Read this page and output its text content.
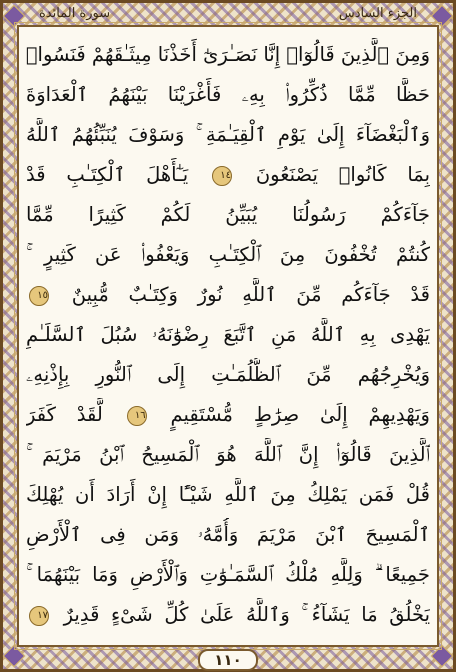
الجزء السادس
سورة المائدة
وَمِنَ ٱلَّذِينَ قَالُوٓا۟ إِنَّا نَصَـٰرَىٰٓ أَخَذْنَا مِيثَـٰقَهُمْ فَنَسُوا۟
حَظًّا مِّمَّا ذُكِّرُوا۟ بِهِۦ فَأَغْرَيْنَا بَيْنَهُمُ ٱلْعَدَاوَةَ
وَٱلْبَغْضَآءَ إِلَىٰ يَوْمِ ٱلْقِيَـٰمَةِ ۚ وَسَوْفَ يُنَبِّئُهُمُ ٱللَّهُ
بِمَا كَانُوا۟ يَصْنَعُونَ ١٤ يَـٰٓأَهْلَ ٱلْكِتَـٰبِ قَدْ
جَآءَكُمْ رَسُولُنَا يُبَيِّنُ لَكُمْ كَثِيرًا مِّمَّا
كُنتُمْ تُخْفُونَ مِنَ ٱلْكِتَـٰبِ وَيَعْفُوا۟ عَن كَثِيرٍ ۚ
قَدْ جَآءَكُم مِّنَ ٱللَّهِ نُورٌ وَكِتَـٰبٌ مُّبِينٌ ١٥
يَهْدِى بِهِ ٱللَّهُ مَنِ ٱتَّبَعَ رِضْوَٰنَهُۥ سُبُلَ ٱلسَّلَـٰمِ
وَيُخْرِجُهُم مِّنَ ٱلظُّلُمَـٰتِ إِلَى ٱلنُّورِ بِإِذْنِهِۦ
وَيَهْدِيهِمْ إِلَىٰ صِرَٰطٍ مُّسْتَقِيمٍ ١٦ لَّقَدْ كَفَرَ
ٱلَّذِينَ قَالُوٓا۟ إِنَّ ٱللَّهَ هُوَ ٱلْمَسِيحُ ٱبْنُ مَرْيَمَ ۚ
قُلْ فَمَن يَمْلِكُ مِنَ ٱللَّهِ شَيْـًٔا إِنْ أَرَادَ أَن يُهْلِكَ
ٱلْمَسِيحَ ٱبْنَ مَرْيَمَ وَأُمَّهُۥ وَمَن فِى ٱلْأَرْضِ
جَمِيعًا ۗ وَلِلَّهِ مُلْكُ ٱلسَّمَـٰوَٰتِ وَٱلْأَرْضِ وَمَا بَيْنَهُمَا ۚ
يَخْلُقُ مَا يَشَآءُ ۚ وَٱللَّهُ عَلَىٰ كُلِّ شَىْءٍ قَدِيرٌ ١٧
١١٠
